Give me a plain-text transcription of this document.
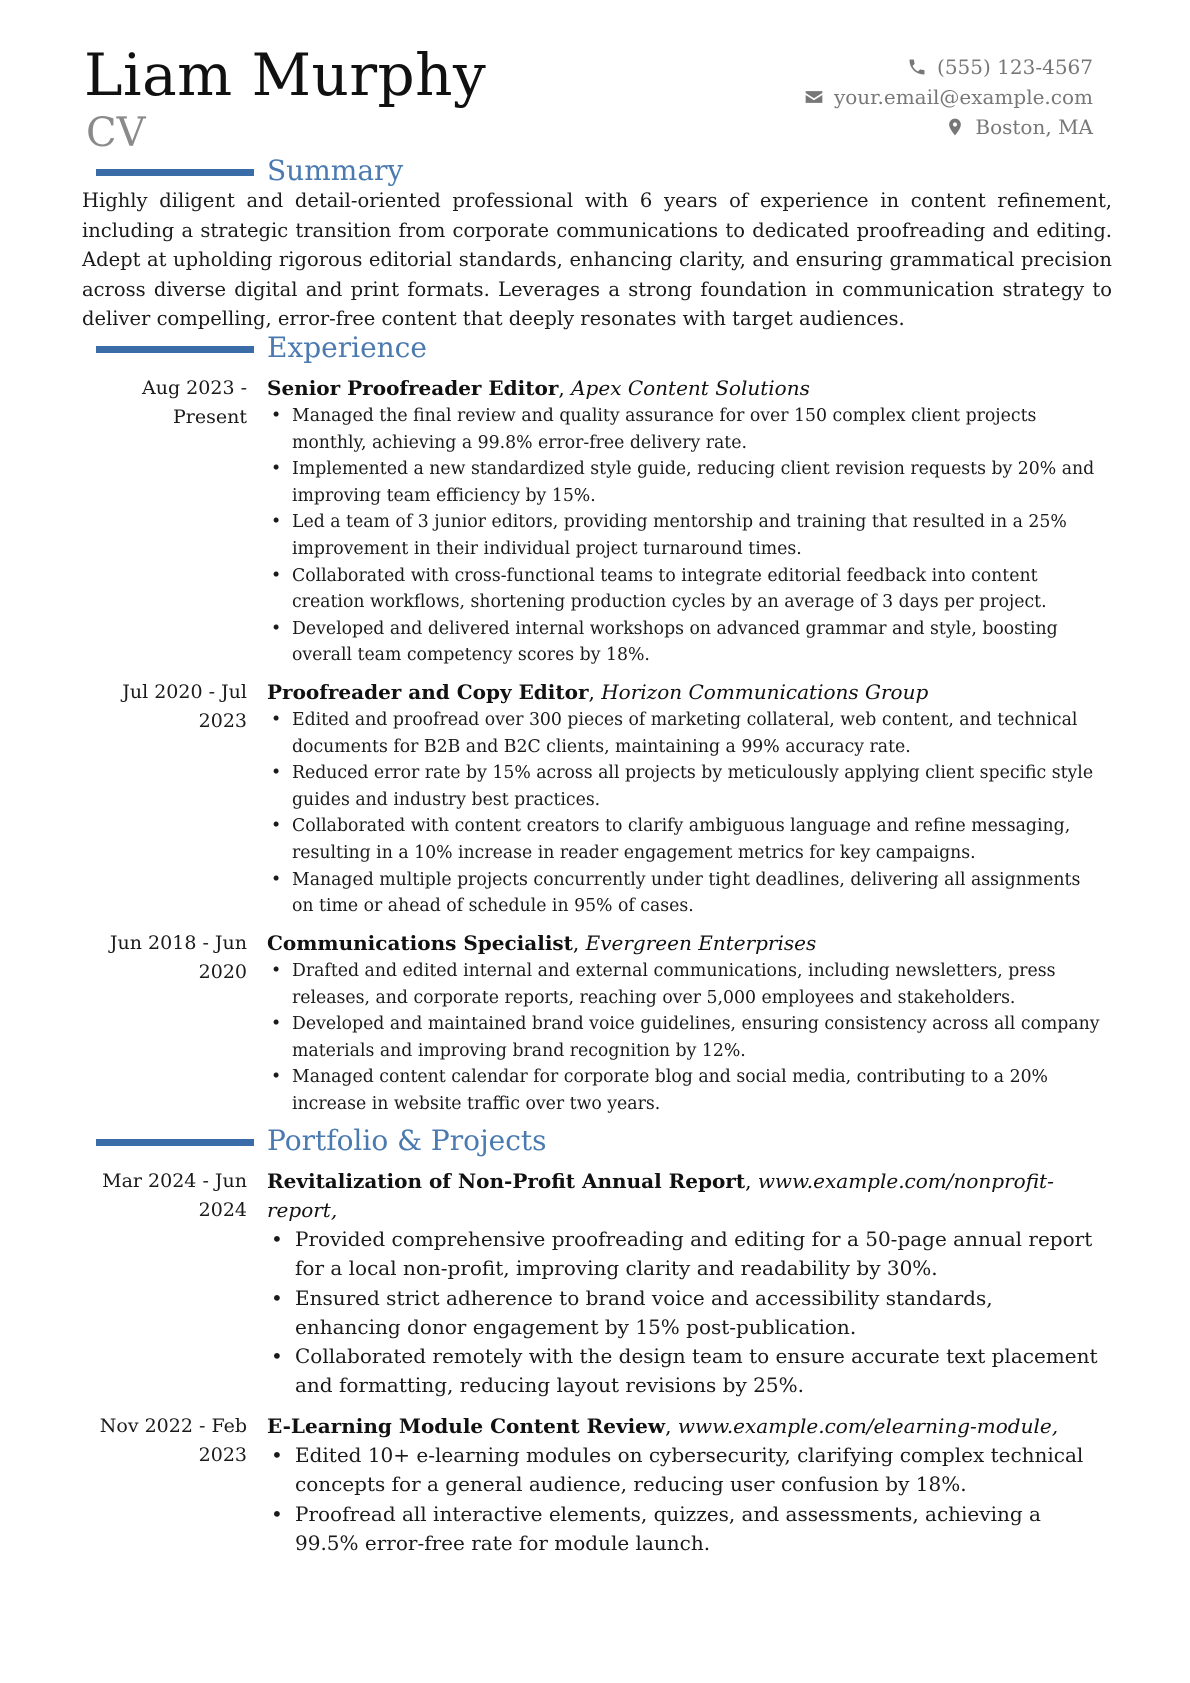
Liam Murphy
CV
(555) 123-4567
your.email@example.com
Boston, MA
Summary

Highly diligent and detail-oriented professional with 6 years of experience in content refinement, including a strategic transition from corporate communications to dedicated proofreading and editing. Adept at upholding rigorous editorial standards, enhancing clarity, and ensuring grammatical precision across diverse digital and print formats. Leverages a strong foundation in communication strategy to deliver compelling, error-free content that deeply resonates with target audiences.

Experience
Aug 2023 -
Present
Senior Proofreader Editor, Apex Content Solutions
• Managed the final review and quality assurance for over 150 complex client projects monthly, achieving a 99.8% error-free delivery rate.
• Implemented a new standardized style guide, reducing client revision requests by 20% and improving team efficiency by 15%.
• Led a team of 3 junior editors, providing mentorship and training that resulted in a 25% improvement in their individual project turnaround times.
• Collaborated with cross-functional teams to integrate editorial feedback into content creation workflows, shortening production cycles by an average of 3 days per project.
• Developed and delivered internal workshops on advanced grammar and style, boosting overall team competency scores by 18%.
Jul 2020 - Jul
2023
Proofreader and Copy Editor, Horizon Communications Group
• Edited and proofread over 300 pieces of marketing collateral, web content, and technical documents for B2B and B2C clients, maintaining a 99% accuracy rate.
• Reduced error rate by 15% across all projects by meticulously applying client specific style guides and industry best practices.
• Collaborated with content creators to clarify ambiguous language and refine messaging, resulting in a 10% increase in reader engagement metrics for key campaigns.
• Managed multiple projects concurrently under tight deadlines, delivering all assignments on time or ahead of schedule in 95% of cases.
Jun 2018 - Jun
2020
Communications Specialist, Evergreen Enterprises
• Drafted and edited internal and external communications, including newsletters, press releases, and corporate reports, reaching over 5,000 employees and stakeholders.
• Developed and maintained brand voice guidelines, ensuring consistency across all company materials and improving brand recognition by 12%.
• Managed content calendar for corporate blog and social media, contributing to a 20% increase in website traffic over two years.
Portfolio & Projects
Mar 2024 - Jun
2024
Revitalization of Non-Profit Annual Report, www.example.com/nonprofit-report,
• Provided comprehensive proofreading and editing for a 50-page annual report for a local non-profit, improving clarity and readability by 30%.
• Ensured strict adherence to brand voice and accessibility standards, enhancing donor engagement by 15% post-publication.
• Collaborated remotely with the design team to ensure accurate text placement and formatting, reducing layout revisions by 25%.
Nov 2022 - Feb
2023
E-Learning Module Content Review, www.example.com/elearning-module,
• Edited 10+ e-learning modules on cybersecurity, clarifying complex technical concepts for a general audience, reducing user confusion by 18%.
• Proofread all interactive elements, quizzes, and assessments, achieving a 99.5% error-free rate for module launch.
